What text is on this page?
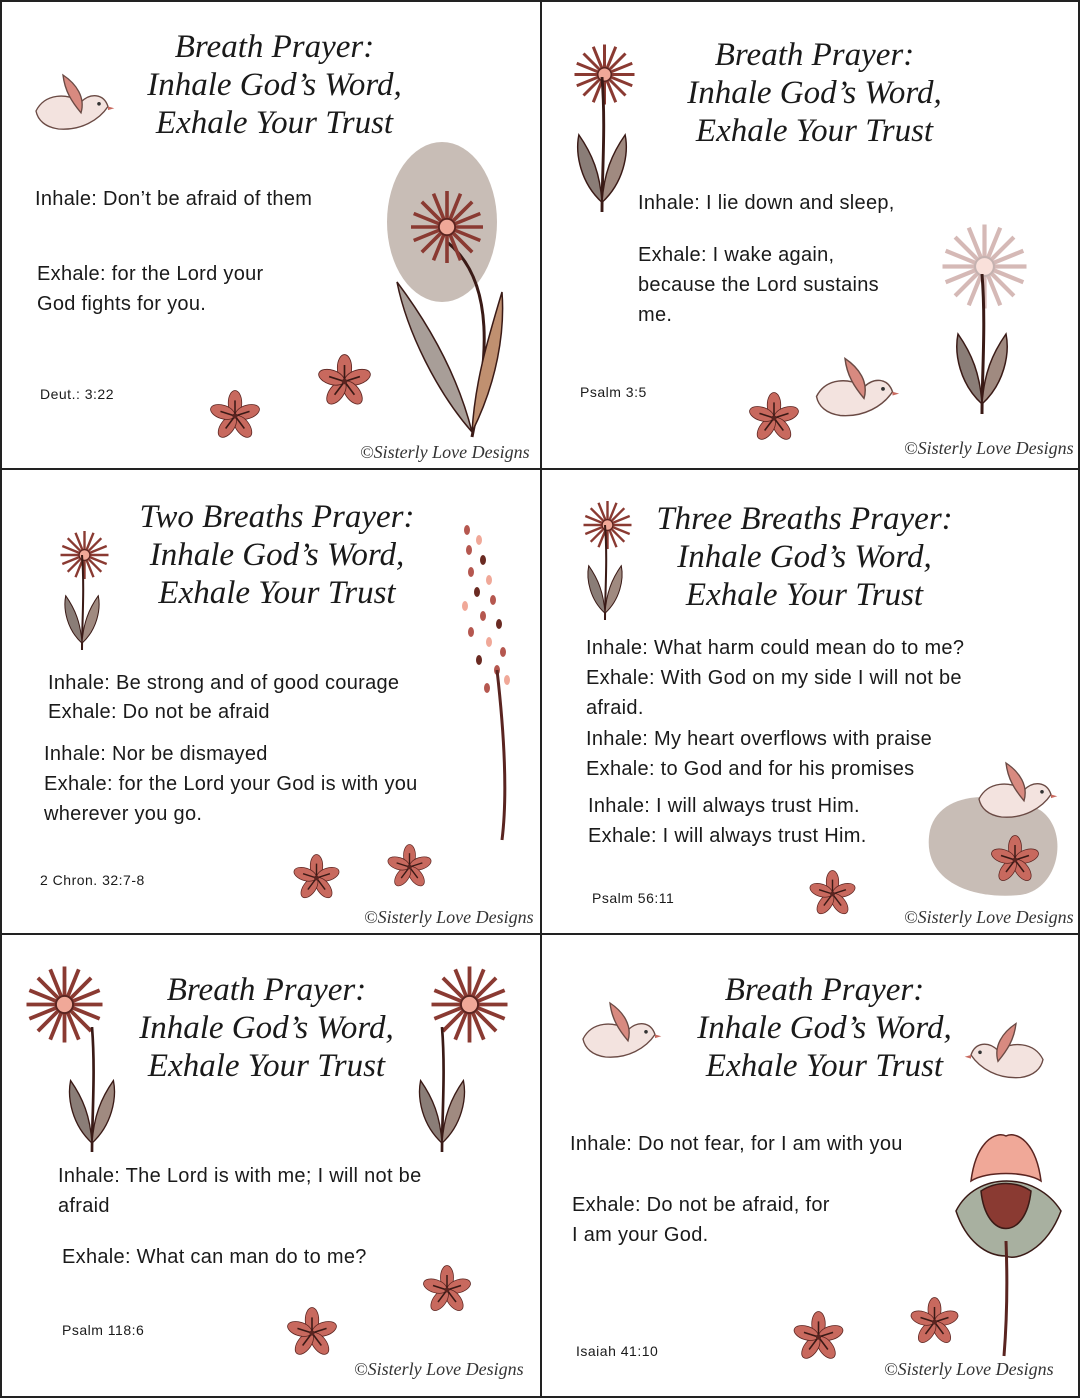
Breath Prayer:
Inhale God’s Word,
Exhale Your Trust
Inhale: Don’t be afraid of them
Exhale: for the Lord your
God fights for you.
Deut.: 3:22
©Sisterly Love Designs
Breath Prayer:
Inhale God’s Word,
Exhale Your Trust
Inhale: I lie down and sleep,
Exhale: I wake again,
because the Lord sustains
me.
Psalm 3:5
©Sisterly Love Designs
Two Breaths Prayer:
Inhale God’s Word,
Exhale Your Trust
Inhale: Be strong and of good courage
Exhale: Do not be afraid
Inhale: Nor be dismayed
Exhale: for the Lord your God is with you
wherever you go.
2 Chron. 32:7-8
©Sisterly Love Designs
Three Breaths Prayer:
Inhale God’s Word,
Exhale Your Trust
Inhale: What harm could mean do to me?
Exhale: With God on my side I will not be
afraid.
Inhale: My heart overflows with praise
Exhale: to God and for his promises
Inhale: I will always trust Him.
Exhale: I will always trust Him.
Psalm 56:11
©Sisterly Love Designs
Breath Prayer:
Inhale God’s Word,
Exhale Your Trust
Inhale: The Lord is with me; I will not be
afraid
Exhale: What can man do to me?
Psalm 118:6
©Sisterly Love Designs
Breath Prayer:
Inhale God’s Word,
Exhale Your Trust
Inhale: Do not fear, for I am with you
Exhale: Do not be afraid, for
I am your God.
Isaiah 41:10
©Sisterly Love Designs
